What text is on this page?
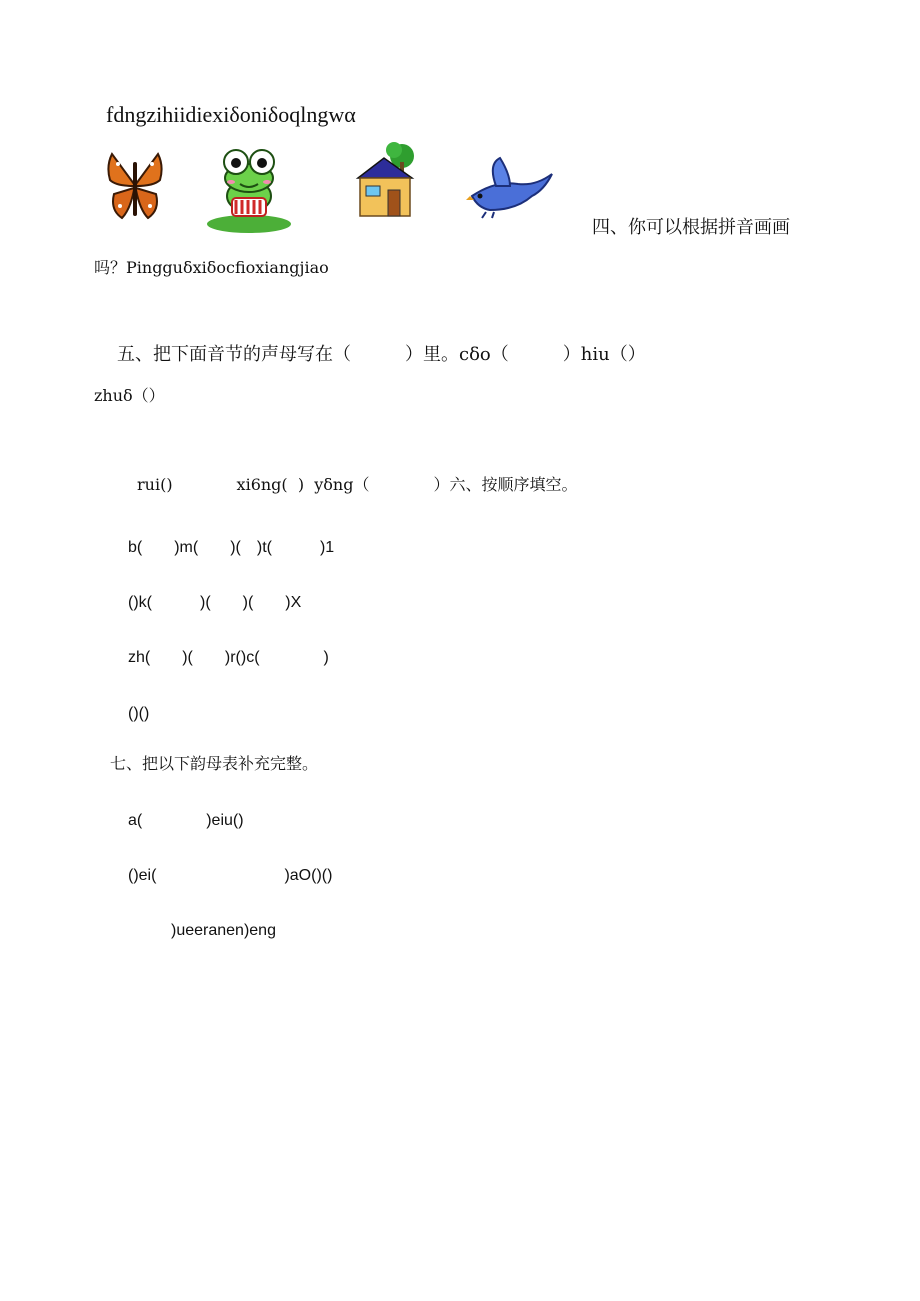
fdngzihiidiexiδoniδoqlngwα
四、你可以根据拼音画画
吗？Pingguδxiδocfioxiangjiao
五、把下面音节的声母写在（　　　）里。cδo（　　　）hiu（）
zhuδ（）
rui()　　　　xi6ng(  )  yδng（　　　　）六、按顺序填空。
b(　　)m(　　)(　)t(　　　)1
()k(　　　)(　　)(　　)X
zh(　　)(　　)r()c(　　　　)
()()
七、把以下韵母表补充完整。
a(　　　　)eiu()
()ei(　　　　　　　　)aO()()
)ueeranen)eng
